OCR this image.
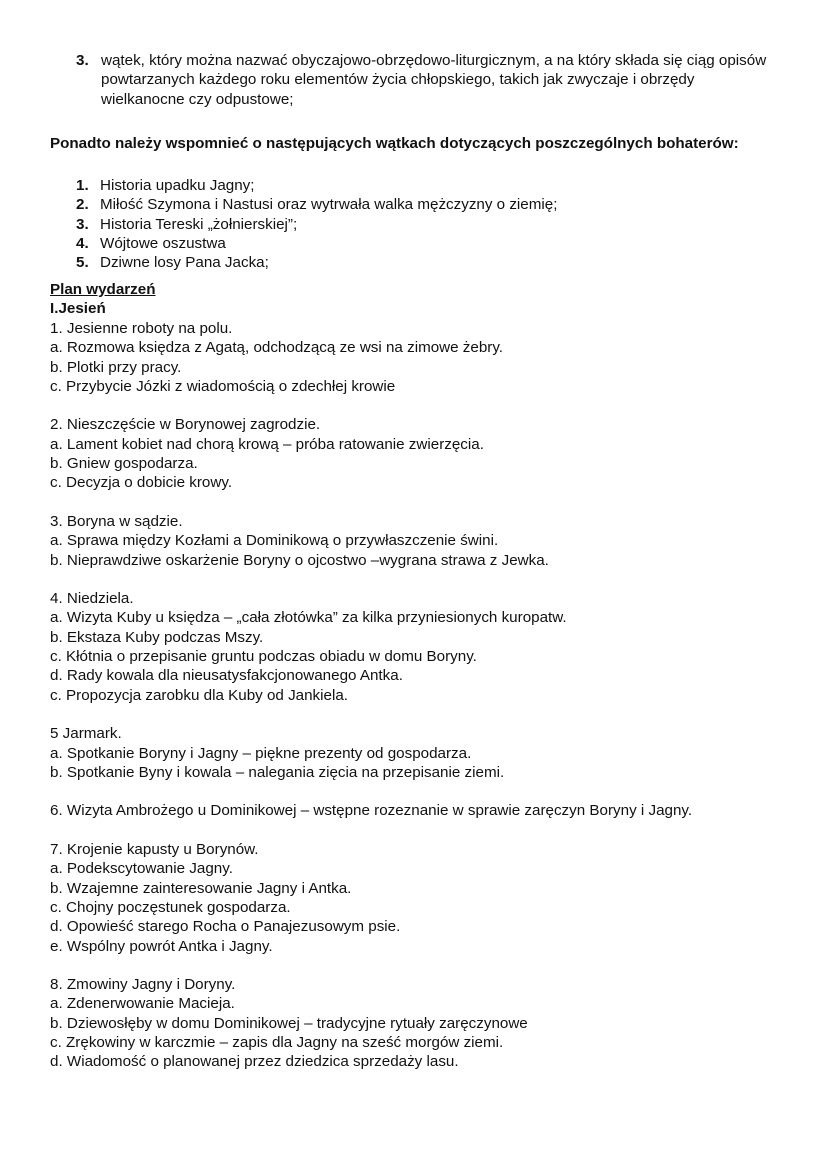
3. wątek, który można nazwać obyczajowo-obrzędowo-liturgicznym, a na który składa się ciąg opisów powtarzanych każdego roku elementów życia chłopskiego, takich jak zwyczaje i obrzędy wielkanocne czy odpustowe;
Ponadto należy wspomnieć o następujących wątkach dotyczących poszczególnych bohaterów:
1. Historia upadku Jagny;
2. Miłość Szymona i Nastusi oraz wytrwała walka mężczyzny o ziemię;
3. Historia Tereski „żołnierskiej”;
4. Wójtowe oszustwa
5. Dziwne losy Pana Jacka;
Plan wydarzeń
I.Jesień
1. Jesienne roboty na polu.
a. Rozmowa księdza z Agatą, odchodzącą ze wsi na zimowe żebry.
b. Plotki przy pracy.
c. Przybycie Józki z wiadomością o zdechłej krowie
2. Nieszczęście w Borynowej zagrodzie.
a. Lament kobiet nad chorą krową – próba ratowanie zwierzęcia.
b. Gniew gospodarza.
c. Decyzja o dobicie krowy.
3. Boryna w sądzie.
a. Sprawa między Kozłami a Dominikową o przywłaszczenie świni.
b. Nieprawdziwe oskarżenie Boryny o ojcostwo –wygrana strawa z Jewka.
4. Niedziela.
a. Wizyta Kuby u księdza – „cała złotówka” za kilka przyniesionych kuropatw.
b. Ekstaza Kuby podczas Mszy.
c. Kłótnia o przepisanie gruntu podczas obiadu w domu Boryny.
d. Rady kowala dla nieusatysfakcjonowanego Antka.
c. Propozycja zarobku dla Kuby od Jankiela.
5 Jarmark.
a. Spotkanie Boryny i Jagny – piękne prezenty od gospodarza.
b. Spotkanie Byny i kowala – nalegania zięcia na przepisanie ziemi.
6. Wizyta Ambrożego u Dominikowej – wstępne rozeznanie w sprawie zaręczyn Boryny i Jagny.
7. Krojenie kapusty u Borynów.
a. Podekscytowanie Jagny.
b. Wzajemne zainteresowanie Jagny i Antka.
c. Chojny poczęstunek gospodarza.
d. Opowieść starego Rocha o Panajezusowym psie.
e. Wspólny powrót Antka i Jagny.
8. Zmowiny Jagny i Doryny.
a. Zdenerwowanie Macieja.
b. Dziewosłęby w domu Dominikowej – tradycyjne rytuały zaręczynowe
c. Zrękowiny w karczmie – zapis dla Jagny na sześć morgów ziemi.
d. Wiadomość o planowanej przez dziedzica sprzedaży lasu.
